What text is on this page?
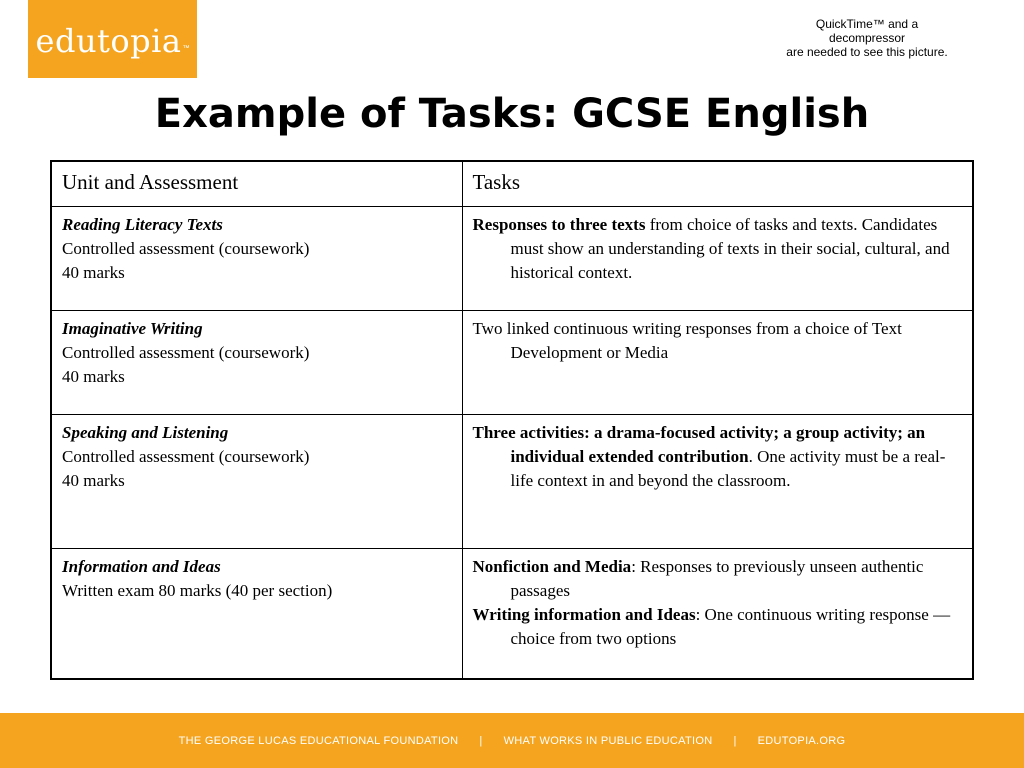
edutopia ™
QuickTime™ and a
decompressor
are needed to see this picture.
Example of Tasks: GCSE English
Unit and Assessment	Tasks

Reading Literacy Texts
Controlled assessment (coursework)
40 marks	Responses to three texts from choice of tasks and texts. Candidates must show an understanding of texts in their social, cultural, and historical context.

Imaginative Writing
Controlled assessment (coursework)
40 marks	Two linked continuous writing responses from a choice of Text Development or Media

Speaking and Listening
Controlled assessment (coursework)
40 marks	Three activities: a drama-focused activity; a group activity; an individual extended contribution. One activity must be a real-life context in and beyond the classroom.

Information and Ideas
Written exam 80 marks (40 per section)	Nonfiction and Media: Responses to previously unseen authentic passages
Writing information and Ideas: One continuous writing response — choice from two options
THE GEORGE LUCAS EDUCATIONAL FOUNDATION | WHAT WORKS IN PUBLIC EDUCATION | EDUTOPIA.ORG
